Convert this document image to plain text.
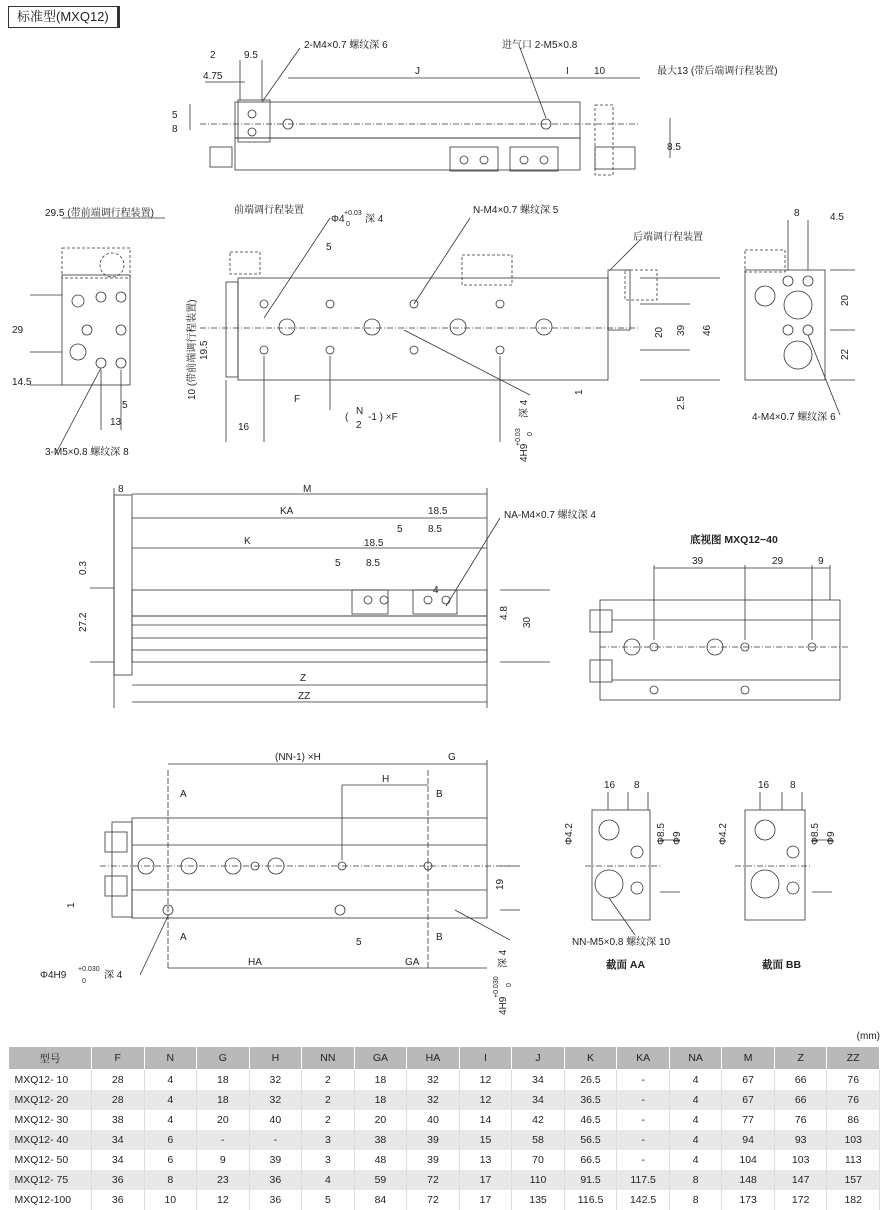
标准型(MXQ12)
2	9.5
4.75
2-M4×0.7 螺纹深 6
J
进气口 2-M5×0.8
I	10	最大13 (带后端调行程装置)
5
8
8.5
29.5 (带前端调行程装置)
29
14.5
5
13
3-M5×0.8 螺纹深 8
前端调行程装置
Φ4
+0.03
0 深 4
N-M4×0.7 螺纹深 5
后端调行程装置
5
10 (带前端调行程装置) 19.5
F
(
N
2
-1 ) ×F
16
20 39 46
1
2.5
4H9
+0.03 0
深 4
8	4.5
20
22
4-M4×0.7 螺纹深 6
8	M
KA	18.5	NA-M4×0.7 螺纹深 4
5	8.5
K	18.5
5	8.5
0.3
27.2
4
4.8
30
Z
ZZ
底视图 MXQ12−40
39	29	9
(NN-1) ×H	G
H
A	B
A	B
19
1
5
HA	GA
Φ4H9
+0.030
0
深 4
4H9
+0.030 0
深 4
16 8
Φ4.2	Φ8.5 Φ9
NN-M5×0.8 螺纹深 10
截面 AA
16 8
Φ4.2	Φ8.5 Φ9
截面 BB
(mm)
型号	F	N	G	H	NN	GA	HA	I	J	K	KA	NA	M	Z	ZZ
MXQ12- 10	28	4	18	32	2	18	32	12	34	26.5	-	4	67	66	76
MXQ12- 20	28	4	18	32	2	18	32	12	34	36.5	-	4	67	66	76
MXQ12- 30	38	4	20	40	2	20	40	14	42	46.5	-	4	77	76	86
MXQ12- 40	34	6	-	-	3	38	39	15	58	56.5	-	4	94	93	103
MXQ12- 50	34	6	9	39	3	48	39	13	70	66.5	-	4	104	103	113
MXQ12- 75	36	8	23	36	4	59	72	17	110	91.5	117.5	8	148	147	157
MXQ12-100	36	10	12	36	5	84	72	17	135	116.5	142.5	8	173	172	182
